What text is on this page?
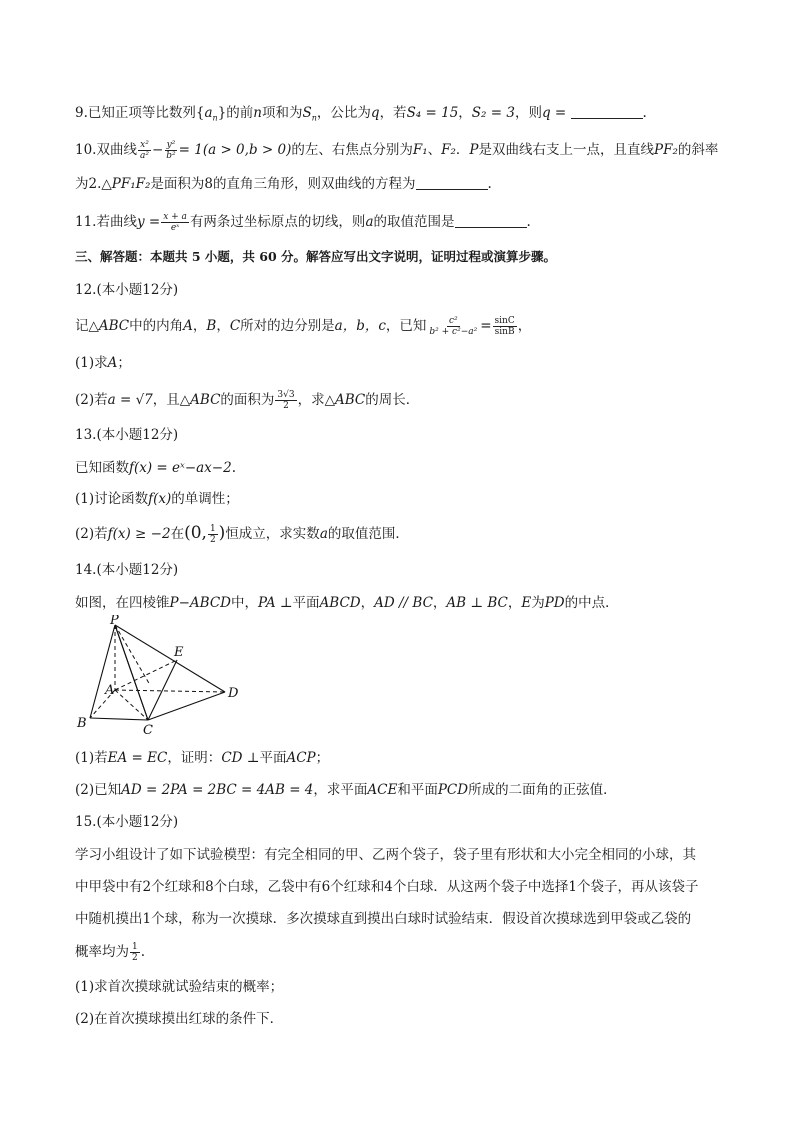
9.已知正项等比数列$\{a_n\}$的前n项和为$S_n$，公比为q，若S₄ = 15，S₂ = 3，则q =	.
10.双曲线 $\frac{\text{x²}}{\text{a²}} - \frac{\text{y²}}{\text{b²}} = 1(a > 0,b > 0)$的左、右焦点分别为F₁、F₂．P是双曲线右支上一点，且直线PF₂的斜率
为2.△PF₁F₂是面积为8的直角三角形，则双曲线的方程为	.
11.若曲线$y = \frac{x + a}{\text{eˣ}}$ 有两条过坐标原点的切线，则a的取值范围是	.
三、解答题：本题共 5 小题，共 60 分。解答应写出文字说明，证明过程或演算步骤。
12.(本小题12分)
记△ABC中的内角A，B，C所对的边分别是a，b，c，已知 $\frac{\text{c²}}{\text{b² + c²−a²}} = \frac{\sin C}{\sin B}$ ，
(1)求A；
(2)若a = √7，且△ABC的面积为 $\frac{3√3}{2}$ ，求△ABC的周长．
13.(本小题12分)
已知函数f(x) = eˣ−ax−2.
(1)讨论函数f(x)的单调性；
(2)若f(x) ≥ −2在(0, $\frac{1}{2}$ )恒成立，求实数a的取值范围．
14.(本小题12分)
如图，在四棱锥P−ABCD中，PA ⊥平面ABCD，AD // BC，AB ⊥ BC，E为PD的中点．
P
E
A	D
B	C
(1)若EA = EC，证明：CD ⊥平面ACP；
(2)已知AD = 2PA = 2BC = 4AB = 4，求平面ACE和平面PCD所成的二面角的正弦值．
15.(本小题12分)
学习小组设计了如下试验模型：有完全相同的甲、乙两个袋子，袋子里有形状和大小完全相同的小球，其
中甲袋中有2个红球和8个白球，乙袋中有6个红球和4个白球．从这两个袋子中选择1个袋子，再从该袋子
中随机摸出1个球，称为一次摸球．多次摸球直到摸出白球时试验结束．假设首次摸球选到甲袋或乙袋的
概率均为 $\frac{1}{2}$ .
(1)求首次摸球就试验结束的概率；
(2)在首次摸球摸出红球的条件下．
